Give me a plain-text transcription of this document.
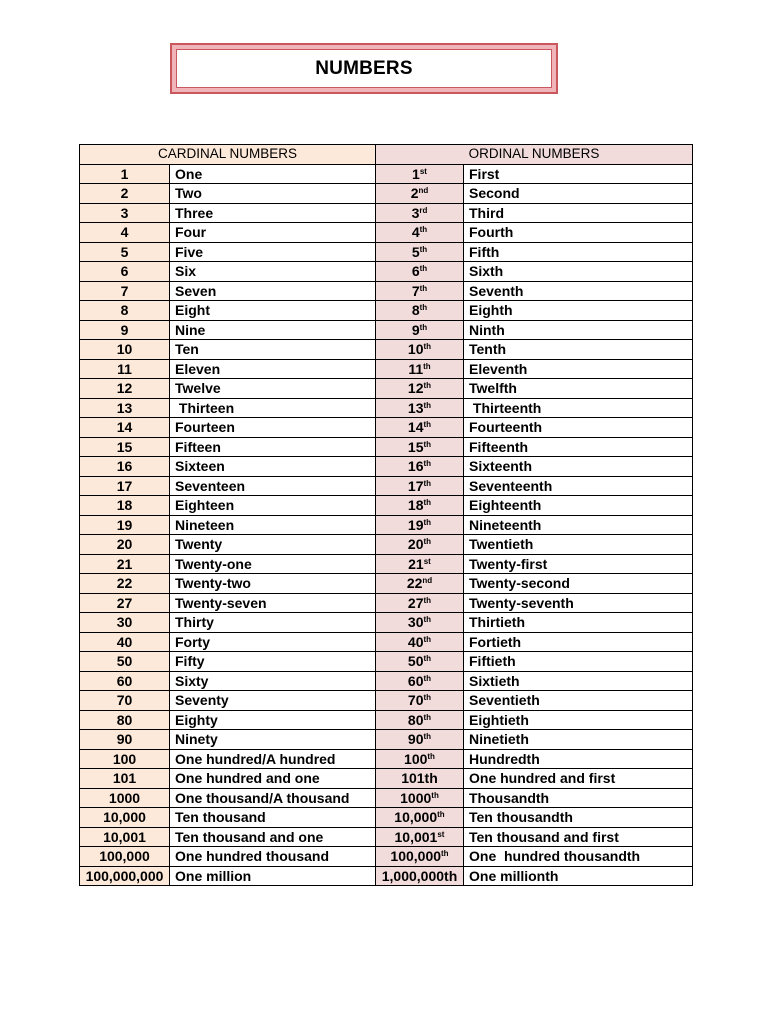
NUMBERS
CARDINAL NUMBERS		ORDINAL NUMBERS	
1	One	1st	First
2	Two	2nd	Second
3	Three	3rd	Third
4	Four	4th	Fourth
5	Five	5th	Fifth
6	Six	6th	Sixth
7	Seven	7th	Seventh
8	Eight	8th	Eighth
9	Nine	9th	Ninth
10	Ten	10th	Tenth
11	Eleven	11th	Eleventh
12	Twelve	12th	Twelfth
13	Thirteen	13th	Thirteenth
14	Fourteen	14th	Fourteenth
15	Fifteen	15th	Fifteenth
16	Sixteen	16th	Sixteenth
17	Seventeen	17th	Seventeenth
18	Eighteen	18th	Eighteenth
19	Nineteen	19th	Nineteenth
20	Twenty	20th	Twentieth
21	Twenty-one	21st	Twenty-first
22	Twenty-two	22nd	Twenty-second
27	Twenty-seven	27th	Twenty-seventh
30	Thirty	30th	Thirtieth
40	Forty	40th	Fortieth
50	Fifty	50th	Fiftieth
60	Sixty	60th	Sixtieth
70	Seventy	70th	Seventieth
80	Eighty	80th	Eightieth
90	Ninety	90th	Ninetieth
100	One hundred/A hundred	100th	Hundredth
101	One hundred and one	101th	One hundred and first
1000	One thousand/A thousand	1000th	Thousandth
10,000	Ten thousand	10,000th	Ten thousandth
10,001	Ten thousand and one	10,001st	Ten thousand and first
100,000	One hundred thousand	100,000th	One  hundred thousandth
100,000,000	One million	1,000,000th	One millionth
